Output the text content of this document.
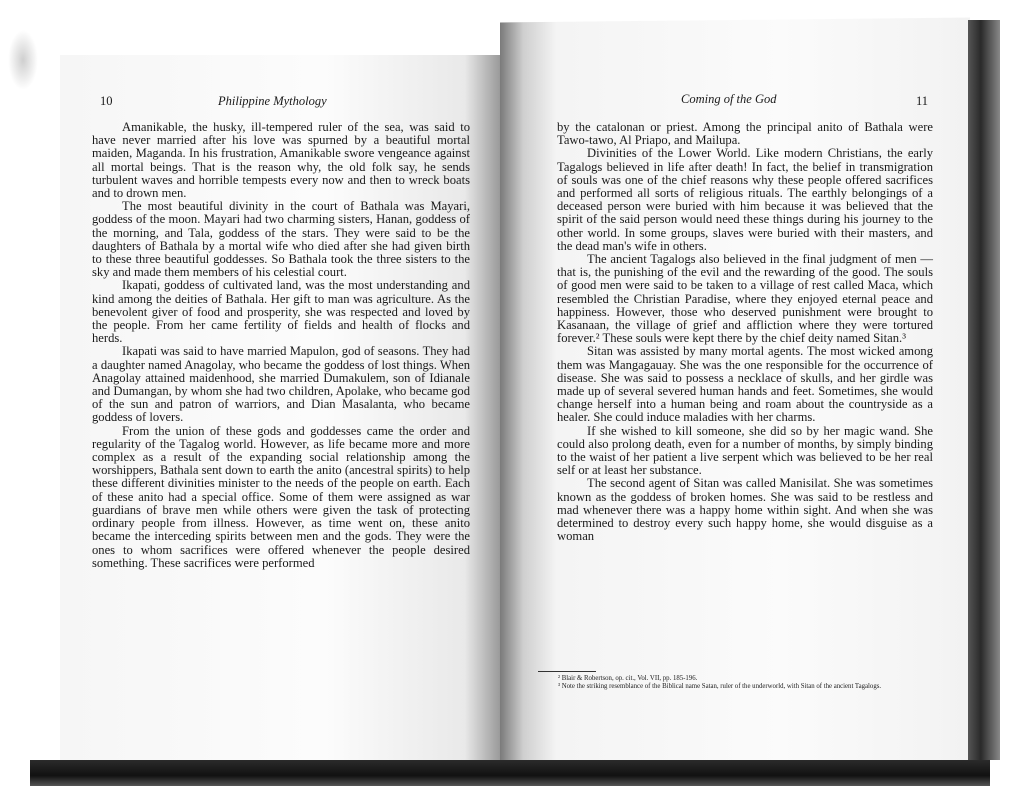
10	Philippine Mythology	Coming of the God	11

Amanikable, the husky, ill-tempered ruler of the sea, was said to have never married after his love was spurned by a beautiful mortal maiden, Maganda. In his frustration, Amanikable swore vengeance against all mortal beings. That is the reason why, the old folk say, he sends turbulent waves and horrible tempests every now and then to wreck boats and to drown men.

The most beautiful divinity in the court of Bathala was Mayari, goddess of the moon. Mayari had two charming sisters, Hanan, goddess of the morning, and Tala, goddess of the stars. They were said to be the daughters of Bathala by a mortal wife who died after she had given birth to these three beautiful goddesses. So Bathala took the three sisters to the sky and made them members of his celestial court.

Ikapati, goddess of cultivated land, was the most understanding and kind among the deities of Bathala. Her gift to man was agriculture. As the benevolent giver of food and prosperity, she was respected and loved by the people. From her came fertility of fields and health of flocks and herds.

Ikapati was said to have married Mapulon, god of seasons. They had a daughter named Anagolay, who became the goddess of lost things. When Anagolay attained maidenhood, she married Dumakulem, son of Idianale and Dumangan, by whom she had two children, Apolake, who became god of the sun and patron of warriors, and Dian Masalanta, who became goddess of lovers.

From the union of these gods and goddesses came the order and regularity of the Tagalog world. However, as life became more and more complex as a result of the expanding social relationship among the worshippers, Bathala sent down to earth the anito (ancestral spirits) to help these different divinities minister to the needs of the people on earth. Each of these anito had a special office. Some of them were assigned as war guardians of brave men while others were given the task of protecting ordinary people from illness. However, as time went on, these anito became the interceding spirits between men and the gods. They were the ones to whom sacrifices were offered whenever the people desired something. These sacrifices were performed

by the catalonan or priest. Among the principal anito of Bathala were Tawo-tawo, Al Priapo, and Mailupa.

Divinities of the Lower World. Like modern Christians, the early Tagalogs believed in life after death! In fact, the belief in transmigration of souls was one of the chief reasons why these people offered sacrifices and performed all sorts of religious rituals. The earthly belongings of a deceased person were buried with him because it was believed that the spirit of the said person would need these things during his journey to the other world. In some groups, slaves were buried with their masters, and the dead man's wife in others.

The ancient Tagalogs also believed in the final judgment of men — that is, the punishing of the evil and the rewarding of the good. The souls of good men were said to be taken to a village of rest called Maca, which resembled the Christian Paradise, where they enjoyed eternal peace and happiness. However, those who deserved punishment were brought to Kasanaan, the village of grief and affliction where they were tortured forever.² These souls were kept there by the chief deity named Sitan.³

Sitan was assisted by many mortal agents. The most wicked among them was Mangagauay. She was the one responsible for the occurrence of disease. She was said to possess a necklace of skulls, and her girdle was made up of several severed human hands and feet. Sometimes, she would change herself into a human being and roam about the countryside as a healer. She could induce maladies with her charms.

If she wished to kill someone, she did so by her magic wand. She could also prolong death, even for a number of months, by simply binding to the waist of her patient a live serpent which was believed to be her real self or at least her substance.

The second agent of Sitan was called Manisilat. She was sometimes known as the goddess of broken homes. She was said to be restless and mad whenever there was a happy home within sight. And when she was determined to destroy every such happy home, she would disguise as a woman

² Blair & Robertson, op. cit., Vol. VII, pp. 185-196.

³ Note the striking resemblance of the Biblical name Satan, ruler of the underworld, with Sitan of the ancient Tagalogs.
